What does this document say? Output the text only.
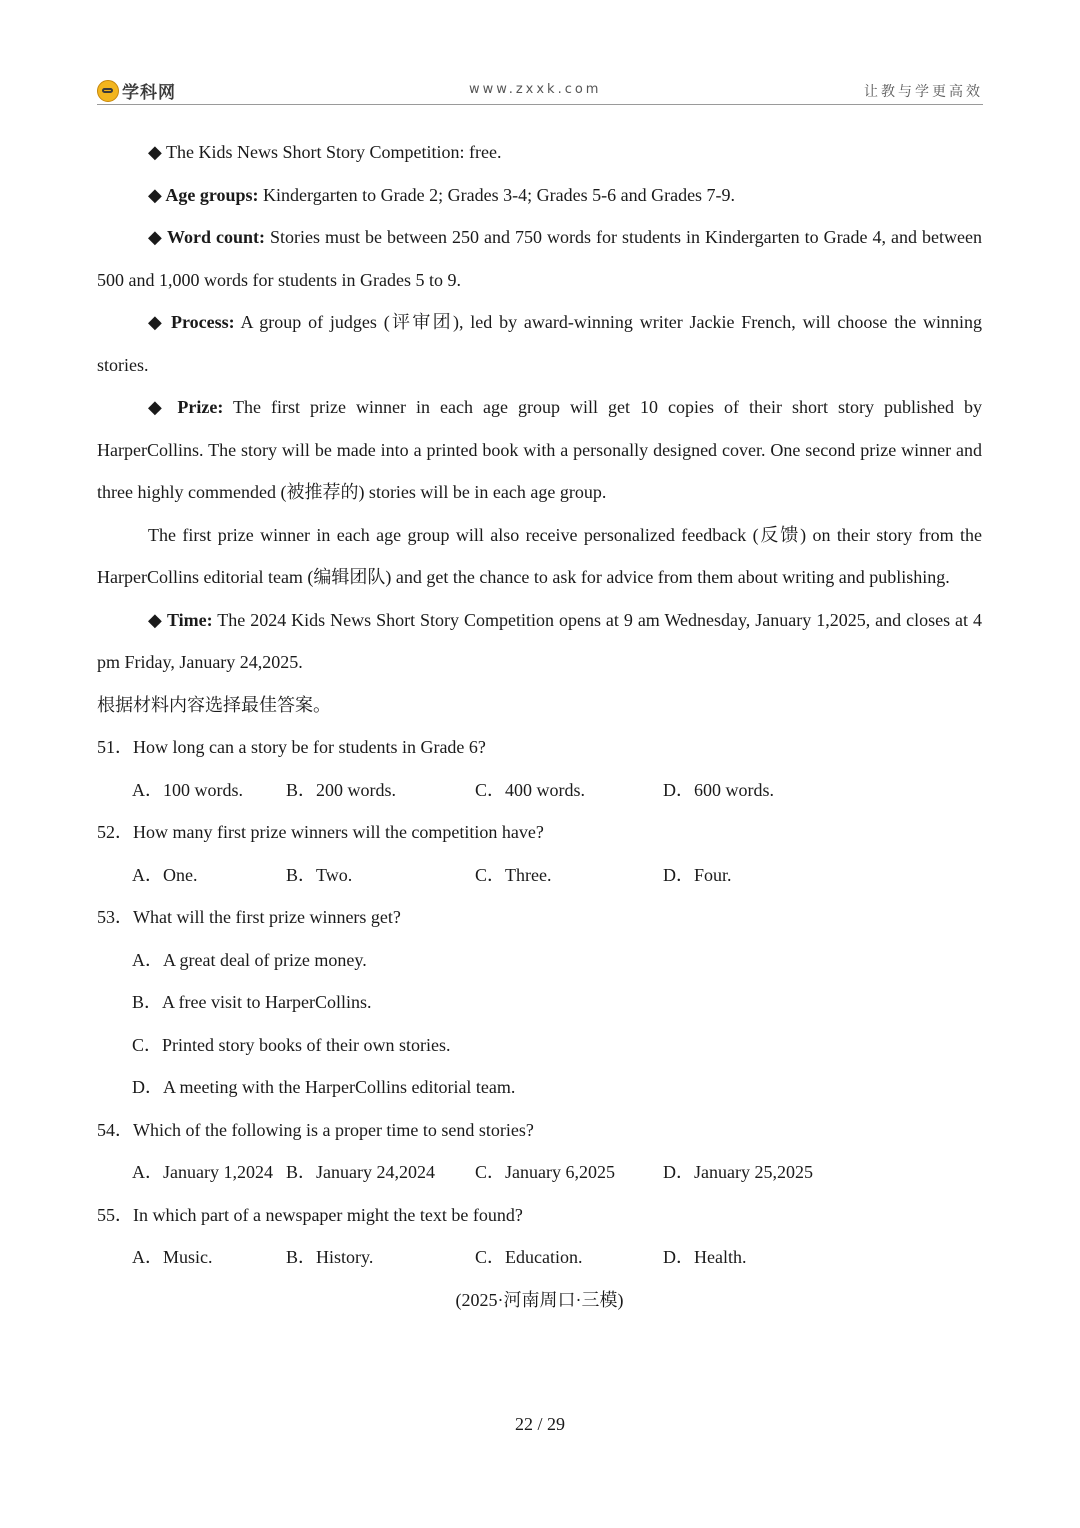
学科网	www.zxxk.com	让教与学更高效

◆ The Kids News Short Story Competition: free.

◆ Age groups: Kindergarten to Grade 2; Grades 3-4; Grades 5-6 and Grades 7-9.

◆ Word count: Stories must be between 250 and 750 words for students in Kindergarten to Grade 4, and between 500 and 1,000 words for students in Grades 5 to 9.

◆ Process: A group of judges (评审团), led by award-winning writer Jackie French, will choose the winning stories.

◆ Prize: The first prize winner in each age group will get 10 copies of their short story published by HarperCollins. The story will be made into a printed book with a personally designed cover. One second prize winner and three highly commended (被推荐的) stories will be in each age group.

The first prize winner in each age group will also receive personalized feedback (反馈) on their story from the HarperCollins editorial team (编辑团队) and get the chance to ask for advice from them about writing and publishing.

◆ Time: The 2024 Kids News Short Story Competition opens at 9 am Wednesday, January 1,2025, and closes at 4 pm Friday, January 24,2025.

根据材料内容选择最佳答案。

51．How long can a story be for students in Grade 6?

A．100 words.	B．200 words.	C．400 words.	D．600 words.

52．How many first prize winners will the competition have?

A．One.	B．Two.	C．Three.	D．Four.

53．What will the first prize winners get?

A．A great deal of prize money.

B．A free visit to HarperCollins.

C．Printed story books of their own stories.

D．A meeting with the HarperCollins editorial team.

54．Which of the following is a proper time to send stories?

A．January 1,2024 B．January 24,2024	C．January 6,2025	D．January 25,2025

55．In which part of a newspaper might the text be found?

A．Music.	B．History.	C．Education.	D．Health.

(2025·河南周口·三模)

22 / 29
